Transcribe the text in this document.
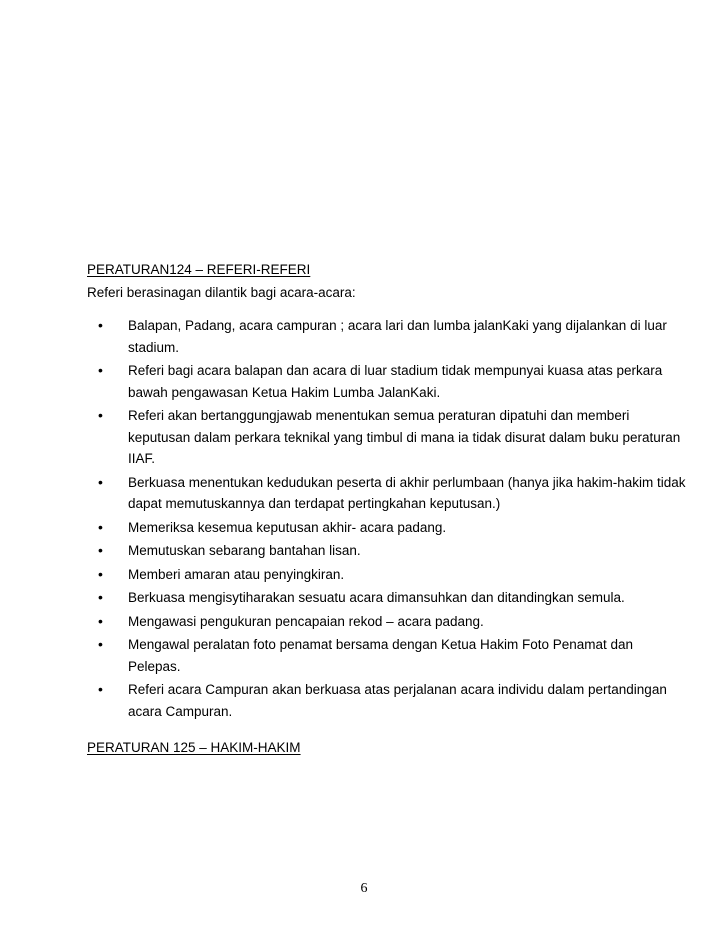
PERATURAN124 – REFERI-REFERI
Referi berasinagan dilantik bagi acara-acara:
• Balapan, Padang, acara campuran ; acara lari dan lumba jalanKaki yang dijalankan di luar stadium.
• Referi bagi acara balapan dan acara di luar stadium tidak mempunyai kuasa atas perkara bawah pengawasan Ketua Hakim Lumba JalanKaki.
• Referi akan bertanggungjawab menentukan semua peraturan dipatuhi dan memberi keputusan dalam perkara teknikal yang timbul di mana ia tidak disurat dalam buku peraturan IIAF.
• Berkuasa menentukan kedudukan peserta di akhir perlumbaan (hanya jika hakim-hakim tidak dapat memutuskannya dan terdapat pertingkahan keputusan.)
• Memeriksa kesemua keputusan akhir- acara padang.
• Memutuskan sebarang bantahan lisan.
• Memberi amaran atau penyingkiran.
• Berkuasa mengisytiharakan sesuatu acara dimansuhkan dan ditandingkan semula.
• Mengawasi pengukuran pencapaian rekod – acara padang.
• Mengawal peralatan foto penamat bersama dengan Ketua Hakim Foto Penamat dan Pelepas.
• Referi acara Campuran akan berkuasa atas perjalanan acara individu dalam pertandingan acara Campuran.
PERATURAN 125 – HAKIM-HAKIM
6
